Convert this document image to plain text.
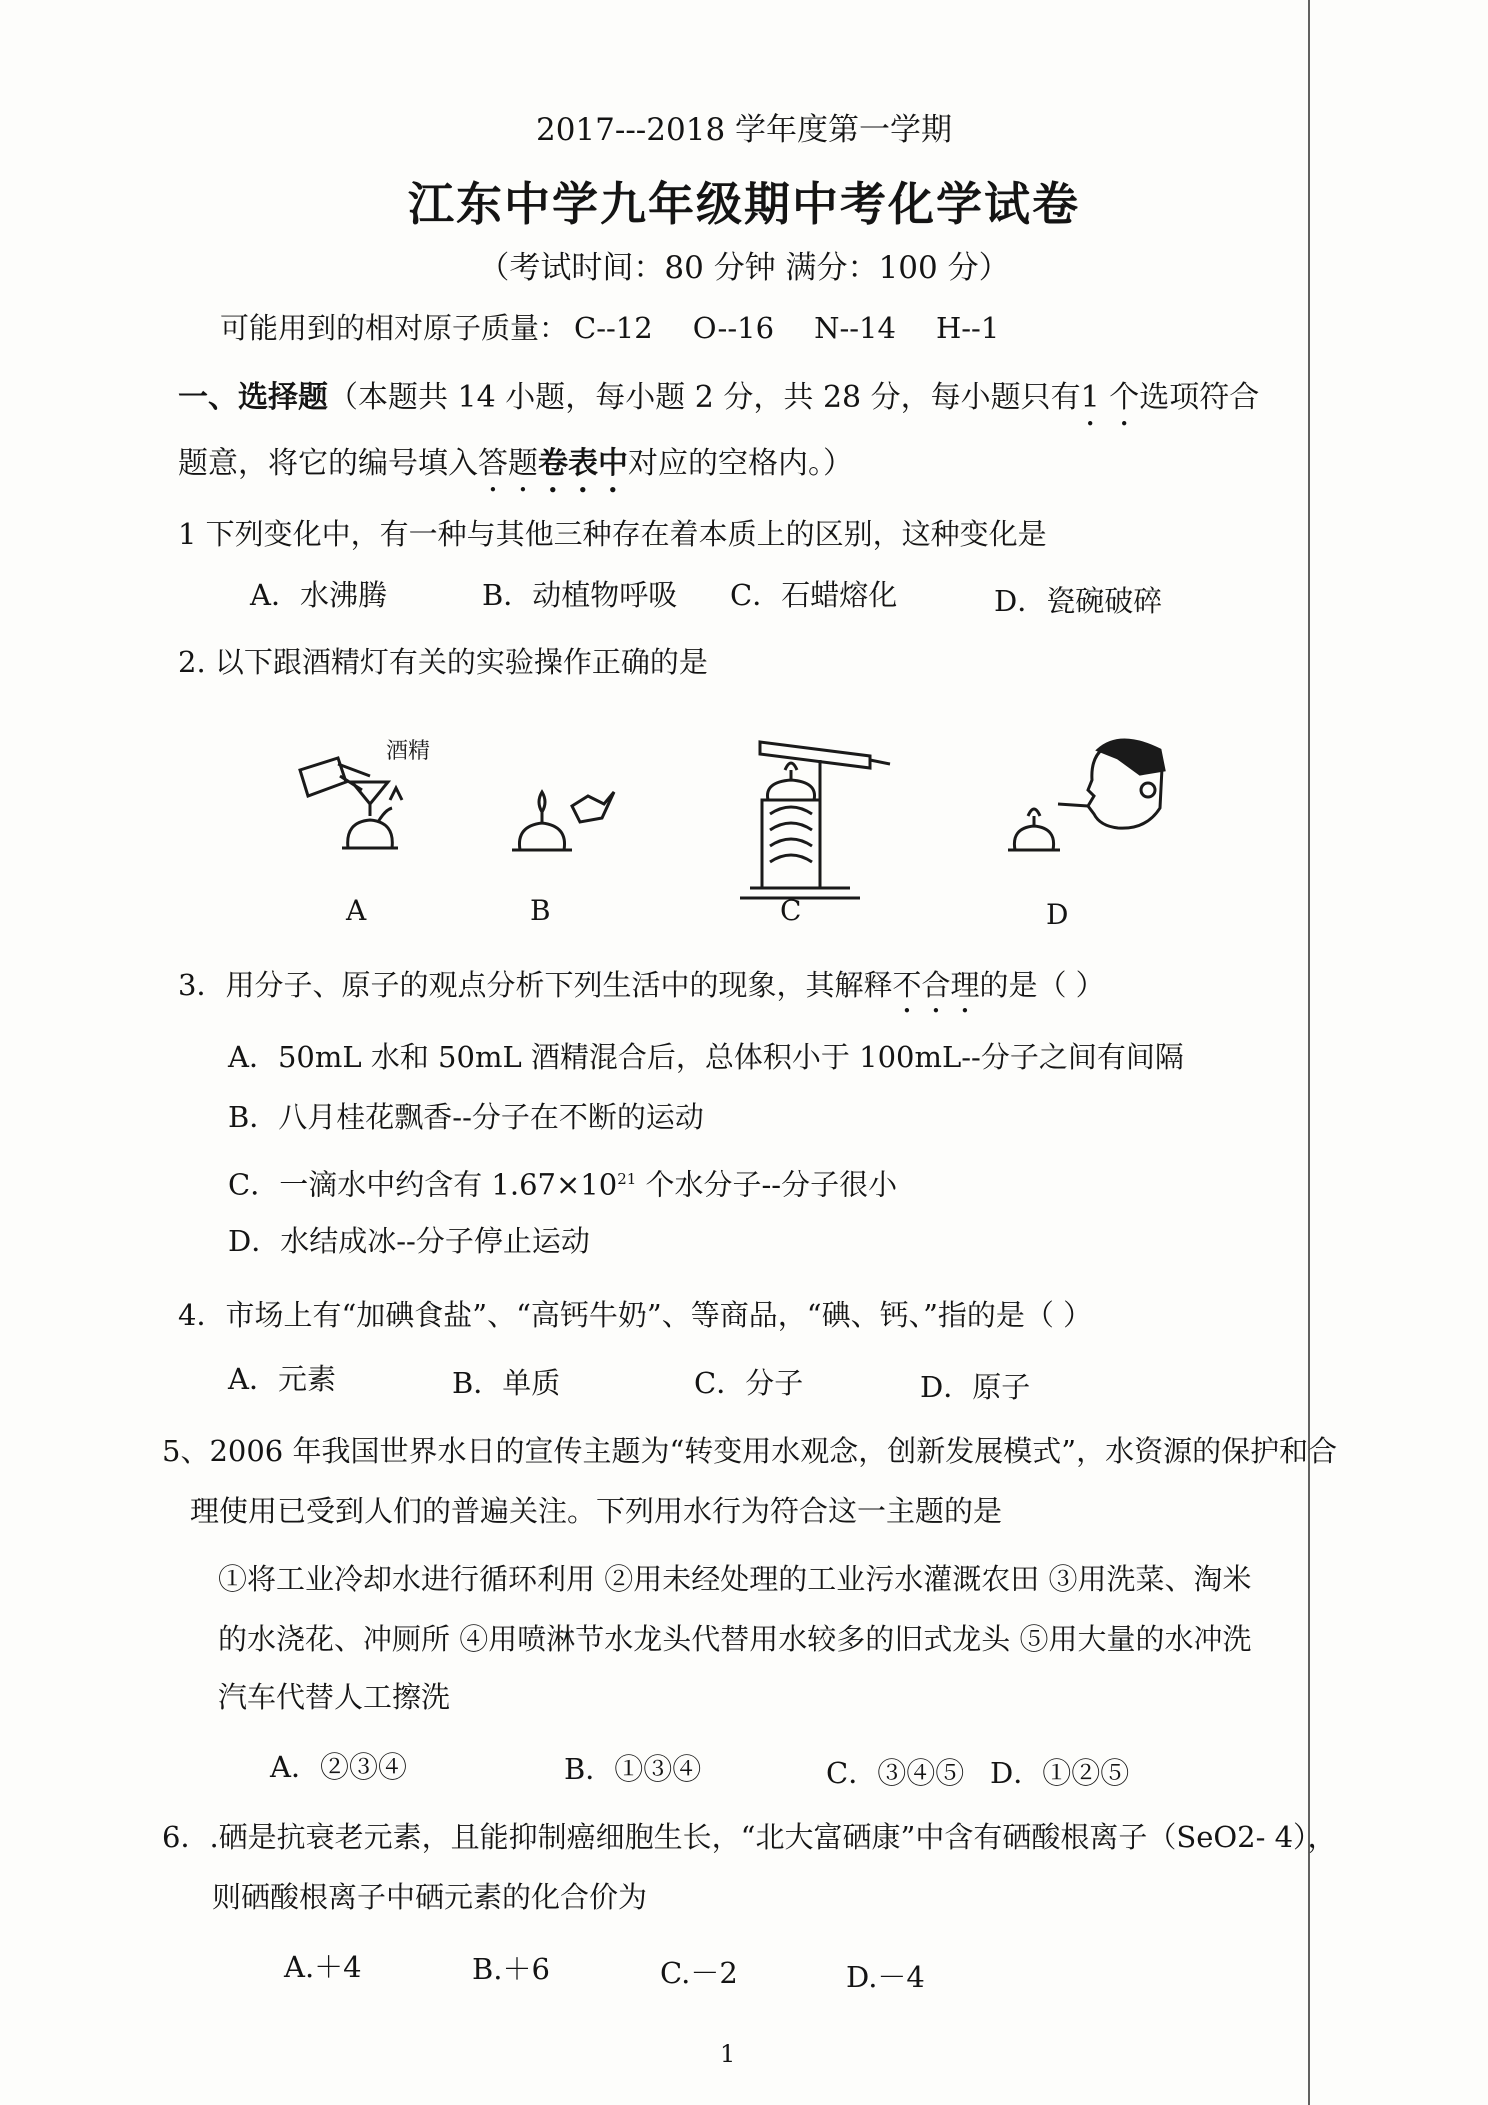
2017---2018 学年度第一学期
江东中学九年级期中考化学试卷
（考试时间：80 分钟 满分：100 分）
可能用到的相对原子质量： C--12 O--16 N--14 H--1
一、选择题（本题共 14 小题，每小题 2 分，共 28 分，每小题只有1 个选项符合
题意，将它的编号填入答题卷表中对应的空格内。）
1 下列变化中，有一种与其他三种存在着本质上的区别，这种变化是
A．水沸腾	B．动植物呼吸 C．石蜡熔化	D．瓷碗破碎
2. 以下跟酒精灯有关的实验操作正确的是
酒精
A	B	C	D
3．用分子、原子的观点分析下列生活中的现象，其解释不合理的是（ ）
A．50mL 水和 50mL 酒精混合后，总体积小于 100mL--分子之间有间隔
B．八月桂花飘香--分子在不断的运动
C．一滴水中约含有 $1.67\times 10^{21}$ 个水分子--分子很小
D．水结成冰--分子停止运动
4．市场上有“加碘食盐”、“高钙牛奶”、等商品，“碘、钙、”指的是（ ）
A．元素	B．单质	C．分子	D．原子
5、2006 年我国世界水日的宣传主题为“转变用水观念，创新发展模式”，水资源的保护和合
理使用已受到人们的普遍关注。下列用水行为符合这一主题的是
①将工业冷却水进行循环利用 ②用未经处理的工业污水灌溉农田 ③用洗菜、淘米
的水浇花、冲厕所 ④用喷淋节水龙头代替用水较多的旧式龙头 ⑤用大量的水冲洗
汽车代替人工擦洗
A．②③④	B．①③④	C．③④⑤ D．①②⑤
6．.硒是抗衰老元素，且能抑制癌细胞生长，“北大富硒康”中含有硒酸根离子（SeO2- 4），
则硒酸根离子中硒元素的化合价为
A.＋4	B.＋6	C.－2	D.－4
1
